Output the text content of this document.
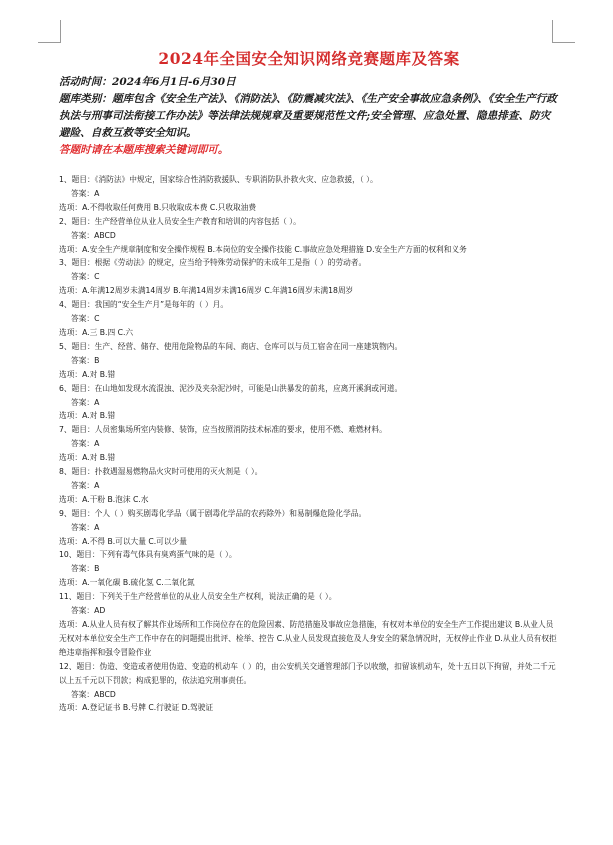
2024年全国安全知识网络竞赛题库及答案
活动时间：2024年6月1日-6月30日
题库类别：题库包含《安全生产法》、《消防法》、《防震减灾法》、《生产安全事故应急条例》、《安全生产行政执法与刑事司法衔接工作办法》等法律法规规章及重要规范性文件;安全管理、应急处置、隐患排查、防灾避险、自救互救等安全知识。
答题时请在本题库搜索关键词即可。
1、题目：《消防法》中规定，国家综合性消防救援队、专职消防队扑救火灾、应急救援，（ ）。
答案：A
选项：A.不得收取任何费用 B.只收取成本费 C.只收取油费
2、题目：生产经营单位从业人员安全生产教育和培训的内容包括（ ）。
答案：ABCD
选项：A.安全生产规章制度和安全操作规程 B.本岗位的安全操作技能 C.事故应急处理措施 D.安全生产方面的权利和义务
3、题目：根据《劳动法》的规定，应当给予特殊劳动保护的未成年工是指（ ）的劳动者。
答案：C
选项：A.年满12周岁未满14周岁 B.年满14周岁未满16周岁 C.年满16周岁未满18周岁
4、题目：我国的“安全生产月”是每年的（ ）月。
答案：C
选项：A.三 B.四 C.六
5、题目：生产、经营、储存、使用危险物品的车间、商店、仓库可以与员工宿舍在同一座建筑物内。
答案：B
选项：A.对 B.错
6、题目：在山地如发现水流混浊、泥沙及夹杂泥沙时，可能是山洪暴发的前兆，应离开溪涧或河道。
答案：A
选项：A.对 B.错
7、题目：人员密集场所室内装修、装饰，应当按照消防技术标准的要求，使用不燃、难燃材料。
答案：A
选项：A.对 B.错
8、题目：扑救遇湿易燃物品火灾时可使用的灭火剂是（ ）。
答案：A
选项：A.干粉 B.泡沫 C.水
9、题目：个人（ ）购买剧毒化学品（属于剧毒化学品的农药除外）和易制爆危险化学品。
答案：A
选项：A.不得 B.可以大量 C.可以少量
10、题目：下列有毒气体具有臭鸡蛋气味的是（ ）。
答案：B
选项：A.一氧化碳 B.硫化氢 C.二氧化氮
11、题目：下列关于生产经营单位的从业人员安全生产权利，说法正确的是（ ）。
答案：AD
选项：A.从业人员有权了解其作业场所和工作岗位存在的危险因素、防范措施及事故应急措施，有权对本单位的安全生产工作提出建议 B.从业人员无权对本单位安全生产工作中存在的问题提出批评、检举、控告 C.从业人员发现直接危及人身安全的紧急情况时，无权停止作业 D.从业人员有权拒绝违章指挥和强令冒险作业
12、题目：伪造、变造或者使用伪造、变造的机动车（ ）的，由公安机关交通管理部门予以收缴，扣留该机动车，处十五日以下拘留，并处二千元以上五千元以下罚款；构成犯罪的，依法追究刑事责任。
答案：ABCD
选项：A.登记证书 B.号牌 C.行驶证 D.驾驶证
